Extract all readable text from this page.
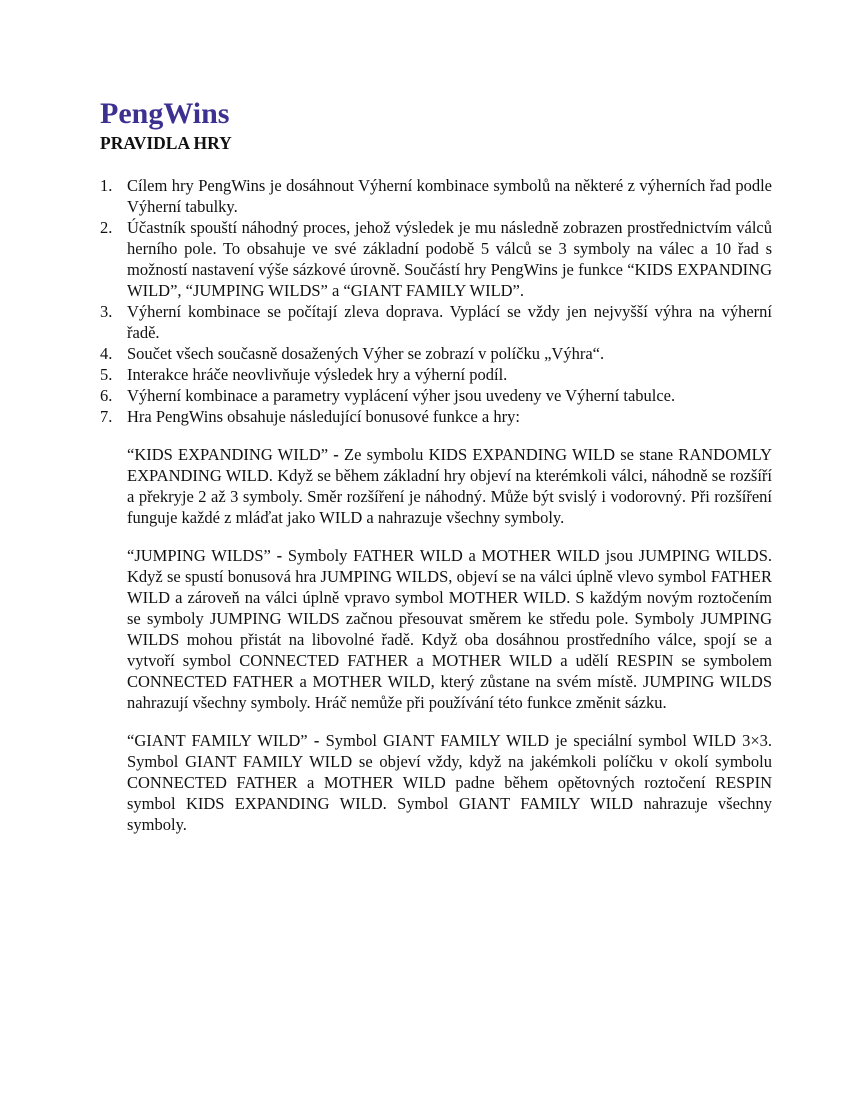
PengWins
PRAVIDLA HRY
1. Cílem hry PengWins je dosáhnout Výherní kombinace symbolů na některé z výherních řad podle Výherní tabulky.
2. Účastník spouští náhodný proces, jehož výsledek je mu následně zobrazen prostřednictvím válců herního pole. To obsahuje ve své základní podobě 5 válců se 3 symboly na válec a 10 řad s možností nastavení výše sázkové úrovně. Součástí hry PengWins je funkce “KIDS EXPANDING WILD”, “JUMPING WILDS” a “GIANT FAMILY WILD”.
3. Výherní kombinace se počítají zleva doprava. Vyplácí se vždy jen nejvyšší výhra na výherní řadě.
4. Součet všech současně dosažených Výher se zobrazí v políčku „Výhra“.
5. Interakce hráče neovlivňuje výsledek hry a výherní podíl.
6. Výherní kombinace a parametry vyplácení výher jsou uvedeny ve Výherní tabulce.
7. Hra PengWins obsahuje následující bonusové funkce a hry:

“KIDS EXPANDING WILD” - Ze symbolu KIDS EXPANDING WILD se stane RANDOMLY EXPANDING WILD. Když se během základní hry objeví na kterémkoli válci, náhodně se rozšíří a překryje 2 až 3 symboly. Směr rozšíření je náhodný. Může být svislý i vodorovný. Při rozšíření funguje každé z mláďat jako WILD a nahrazuje všechny symboly.

“JUMPING WILDS” - Symboly FATHER WILD a MOTHER WILD jsou JUMPING WILDS. Když se spustí bonusová hra JUMPING WILDS, objeví se na válci úplně vlevo symbol FATHER WILD a zároveň na válci úplně vpravo symbol MOTHER WILD. S každým novým roztočením se symboly JUMPING WILDS začnou přesouvat směrem ke středu pole. Symboly JUMPING WILDS mohou přistát na libovolné řadě. Když oba dosáhnou prostředního válce, spojí se a vytvoří symbol CONNECTED FATHER a MOTHER WILD a udělí RESPIN se symbolem CONNECTED FATHER a MOTHER WILD, který zůstane na svém místě. JUMPING WILDS nahrazují všechny symboly. Hráč nemůže při používání této funkce změnit sázku.

“GIANT FAMILY WILD” - Symbol GIANT FAMILY WILD je speciální symbol WILD 3×3. Symbol GIANT FAMILY WILD se objeví vždy, když na jakémkoli políčku v okolí symbolu CONNECTED FATHER a MOTHER WILD padne během opětovných roztočení RESPIN symbol KIDS EXPANDING WILD. Symbol GIANT FAMILY WILD nahrazuje všechny symboly.
